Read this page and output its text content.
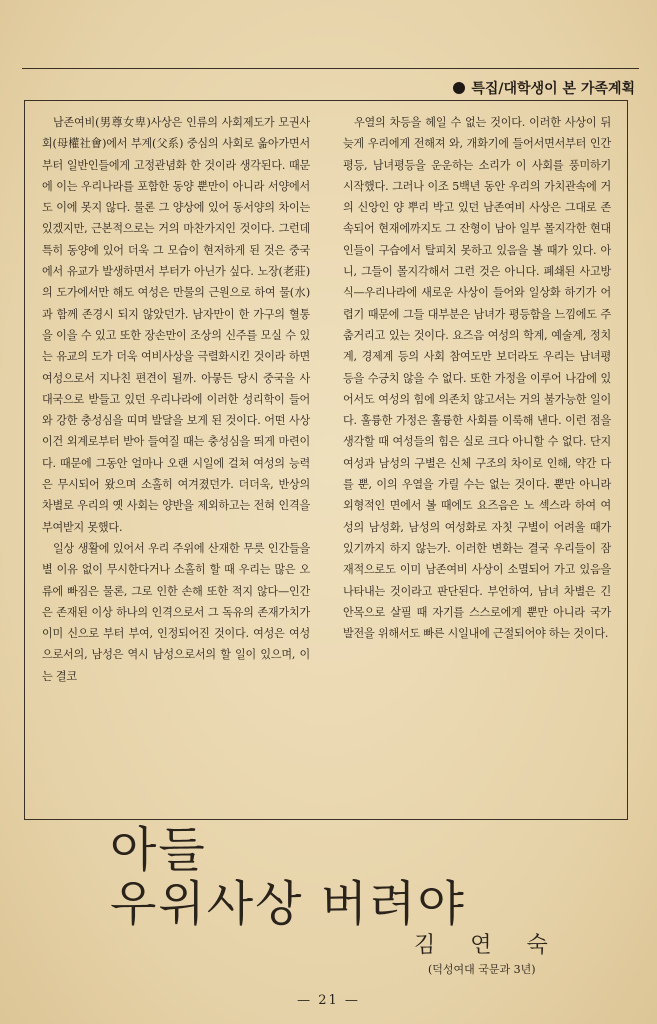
특집/대학생이 본 가족계획

남존여비(男尊女卑)사상은 인류의 사회제도가 모권사회(母權社會)에서 부계(父系) 중심의 사회로 옮아가면서부터 일반인들에게 고정관념화 한 것이라 생각된다. 때문에 이는 우리나라를 포함한 동양 뿐만이 아니라 서양에서도 이에 못지 않다. 물론 그 양상에 있어 동서양의 차이는 있겠지만, 근본적으로는 거의 마찬가지인 것이다. 그런데 특히 동양에 있어 더욱 그 모습이 현저하게 된 것은 중국에서 유교가 발생하면서 부터가 아닌가 싶다. 노장(老莊)의 도가에서만 해도 여성은 만물의 근원으로 하여 물(水)과 함께 존경시 되지 않았던가. 남자만이 한 가구의 혈통을 이을 수 있고 또한 장손만이 조상의 신주를 모실 수 있는 유교의 도가 더욱 여비사상을 극렬화시킨 것이라 하면 여성으로서 지나친 편견이 될까. 아뭏든 당시 중국을 사대국으로 받들고 있던 우리나라에 이러한 성리학이 들어와 강한 충성심을 띠며 발달을 보게 된 것이다. 어떤 사상이건 외계로부터 받아 들여질 때는 충성심을 띄게 마련이다. 때문에 그동안 얼마나 오랜 시일에 걸쳐 여성의 능력은 무시되어 왔으며 소홀히 여겨졌던가. 더더욱, 반상의 차별로 우리의 옛 사회는 양반을 제외하고는 전혀 인격을 부여받지 못했다.

일상 생활에 있어서 우리 주위에 산재한 무릇 인간들을 별 이유 없이 무시한다거나 소홀히 할 때 우리는 많은 오류에 빠짐은 물론, 그로 인한 손해 또한 적지 않다—인간은 존재된 이상 하나의 인격으로서 그 독유의 존재가치가 이미 신으로 부터 부여, 인정되어진 것이다. 여성은 여성으로서의, 남성은 역시 남성으로서의 할 일이 있으며, 이는 결코

우열의 차등을 헤일 수 없는 것이다. 이러한 사상이 뒤 늦게 우리에게 전해져 와, 개화기에 들어서면서부터 인간평등, 남녀평등을 운운하는 소리가 이 사회를 풍미하기 시작했다. 그러나 이조 5백년 동안 우리의 가치관속에 거의 신앙인 양 뿌리 박고 있던 남존여비 사상은 그대로 존속되어 현재에까지도 그 잔형이 남아 일부 몰지각한 현대인들이 구습에서 탈피치 못하고 있음을 볼 때가 있다. 아니, 그들이 몰지각해서 그런 것은 아니다. 폐쇄된 사고방식—우리나라에 새로운 사상이 들어와 일상화 하기가 어렵기 때문에 그들 대부분은 남녀가 평등함을 느낌에도 주춤거리고 있는 것이다. 요즈음 여성의 학계, 예술계, 정치계, 경제계 등의 사회 참여도만 보더라도 우리는 남녀평등을 수긍치 않을 수 없다. 또한 가정을 이루어 나감에 있어서도 여성의 힘에 의존치 않고서는 거의 불가능한 일이다. 훌륭한 가정은 훌륭한 사회를 이룩해 낸다. 이런 점을 생각할 때 여성들의 힘은 실로 크다 아니할 수 없다. 단지 여성과 남성의 구별은 신체 구조의 차이로 인해, 약간 다를 뿐, 이의 우열을 가릴 수는 없는 것이다. 뿐만 아니라 외형적인 면에서 볼 때에도 요즈음은 노 섹스라 하여 여성의 남성화, 남성의 여성화로 자칫 구별이 어려울 때가 있기까지 하지 않는가. 이러한 변화는 결국 우리들이 잠재적으로도 이미 남존여비 사상이 소멸되어 가고 있음을 나타내는 것이라고 판단된다. 부언하여, 남녀 차별은 긴 안목으로 살필 때 자기를 스스로에게 뿐만 아니라 국가 발전을 위해서도 빠른 시일내에 근절되어야 하는 것이다.

아들
우위사상 버려야
김 연 숙
(덕성여대 국문과 3년)
— 21 —
